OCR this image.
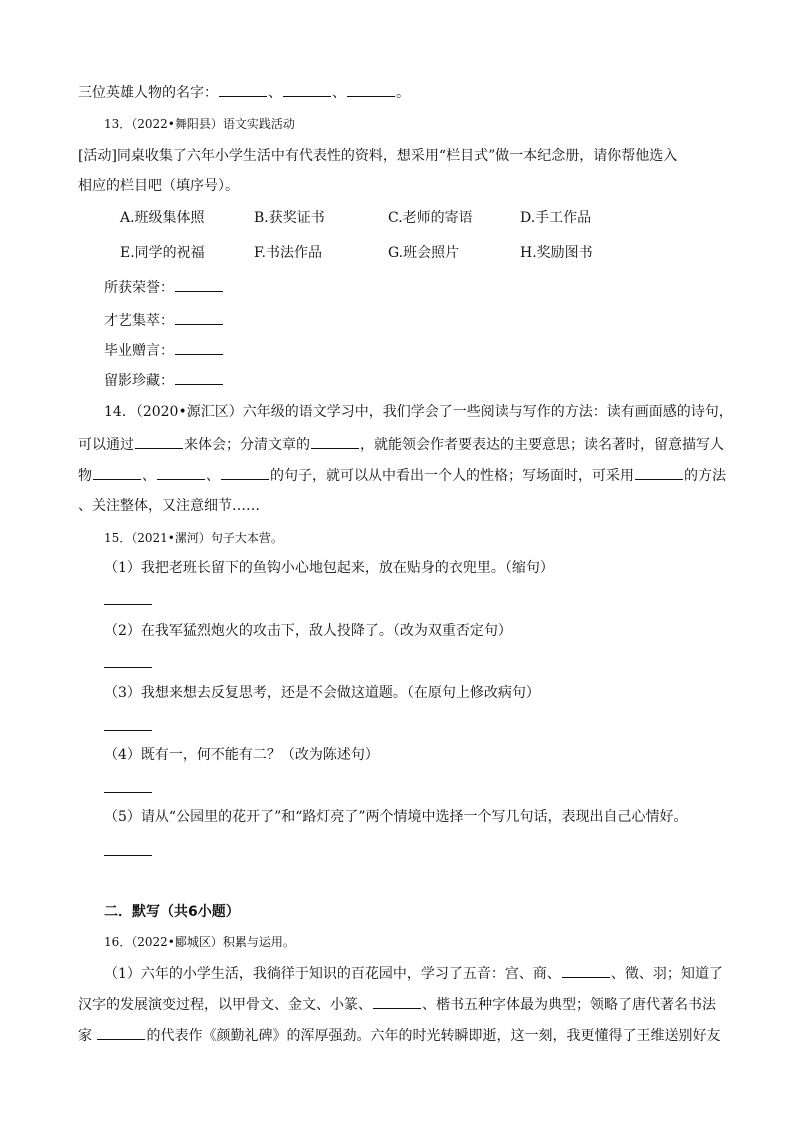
三位英雄人物的名字：	、	、	。
13．（2022•舞阳县）语文实践活动
[活动]同桌收集了六年小学生活中有代表性的资料，想采用“栏目式”做一本纪念册，请你帮他选入
相应的栏目吧（填序号）。
A.班级集体照	B.获奖证书	C.老师的寄语	D.手工作品
E.同学的祝福	F.书法作品	G.班会照片	H.奖励图书
所获荣誉：
才艺集萃：
毕业赠言：
留影珍藏：
14．（2020•源汇区）六年级的语文学习中，我们学会了一些阅读与写作的方法：读有画面感的诗句，
可以通过	来体会；分清文章的	，就能领会作者要表达的主要意思；读名著时，留意描写人
物	、	、	的句子，就可以从中看出一个人的性格；写场面时，可采用	的方法
、关注整体，又注意细节……
15．（2021•漯河）句子大本营。
（1）我把老班长留下的鱼钩小心地包起来，放在贴身的衣兜里。（缩句）
（2）在我军猛烈炮火的攻击下，敌人投降了。（改为双重否定句）
（3）我想来想去反复思考，还是不会做这道题。（在原句上修改病句）
（4）既有一，何不能有二？（改为陈述句）
（5）请从“公园里的花开了”和“路灯亮了”两个情境中选择一个写几句话，表现出自己心情好。
二．默写（共6小题）
16．（2022•郾城区）积累与运用。
（1）六年的小学生活，我徜徉于知识的百花园中，学习了五音：宫、商、	、徵、羽；知道了
汉字的发展演变过程，以甲骨文、金文、小篆、	、楷书五种字体最为典型；领略了唐代著名书法
家	的代表作《颜勤礼碑》的浑厚强劲。六年的时光转瞬即逝，这一刻，我更懂得了王维送别好友
